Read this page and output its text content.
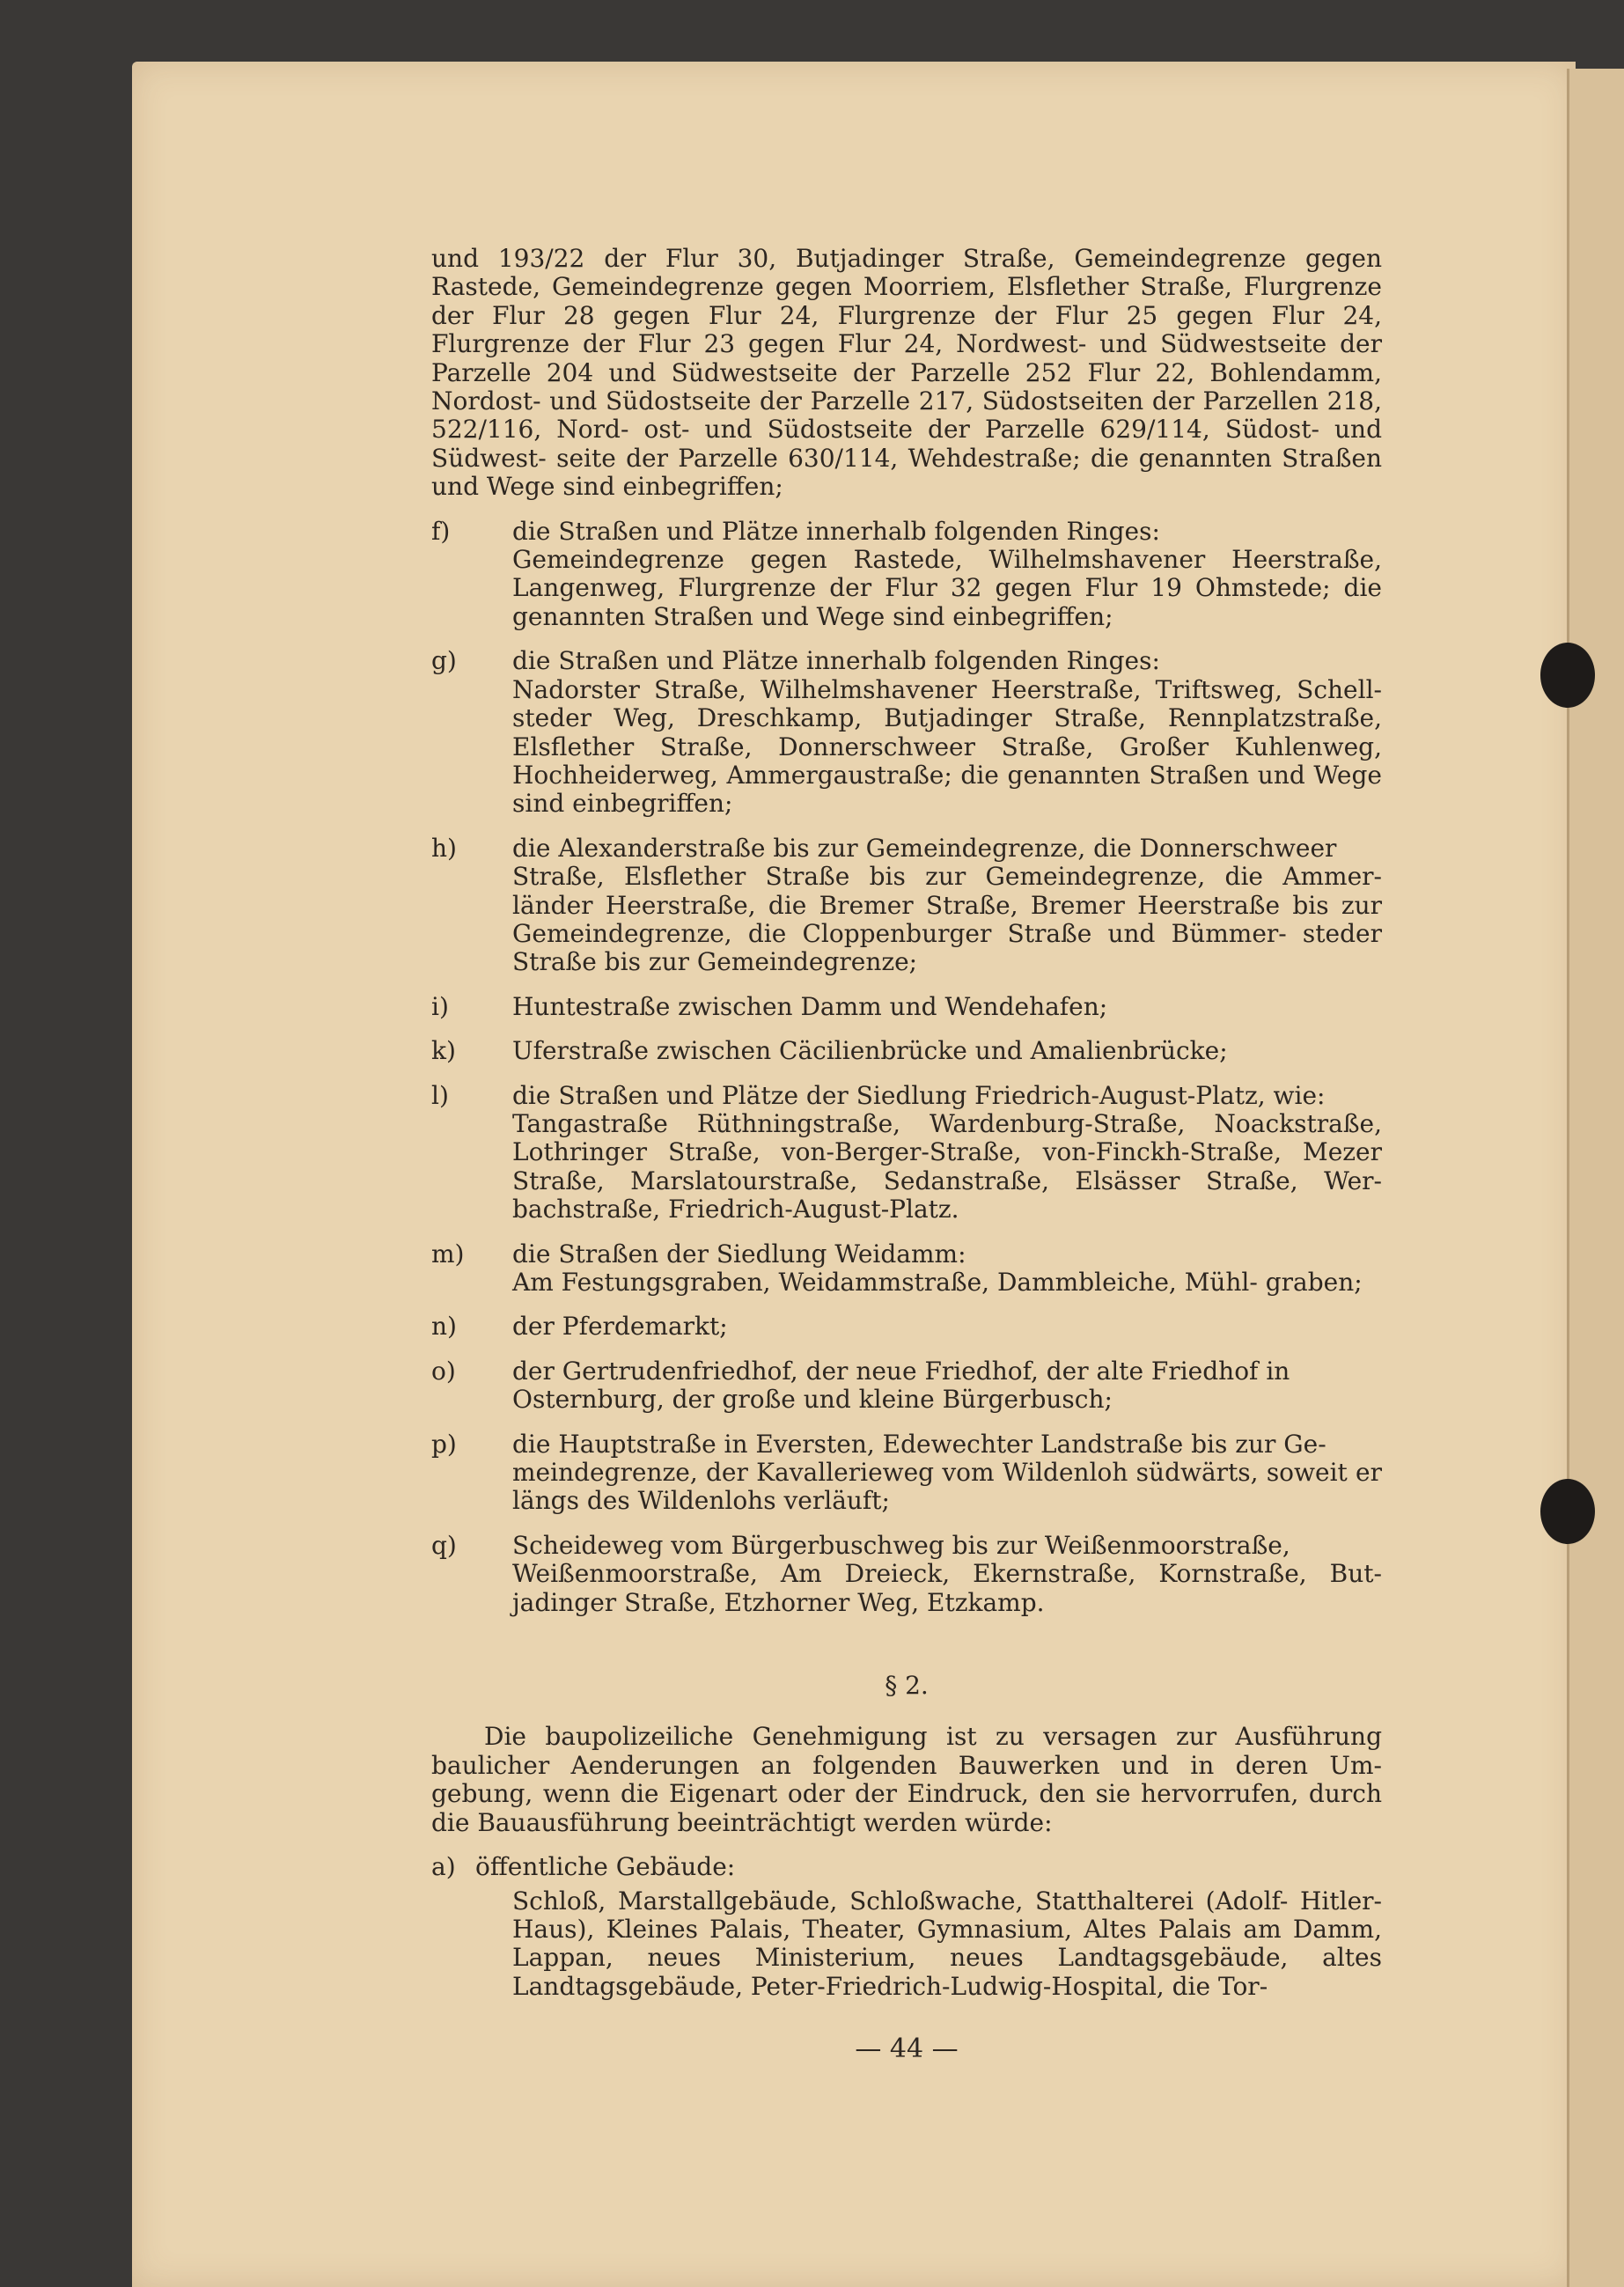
und 193/22 der Flur 30, Butjadinger Straße, Gemeindegrenze gegen Rastede, Gemeindegrenze gegen Moorriem, Elsflether Straße, Flurgrenze der Flur 28 gegen Flur 24, Flurgrenze der Flur 25 gegen Flur 24, Flurgrenze der Flur 23 gegen Flur 24, Nordwest- und Südwestseite der Parzelle 204 und Südwestseite der Parzelle 252 Flur 22, Bohlendamm, Nordost- und Südostseite der Parzelle 217, Südostseiten der Parzellen 218, 522/116, Nord- ost- und Südostseite der Parzelle 629/114, Südost- und Südwest- seite der Parzelle 630/114, Wehdestraße; die genannten Straßen und Wege sind einbegriffen;

f)	die Straßen und Plätze innerhalb folgenden Ringes:
Gemeindegrenze gegen Rastede, Wilhelmshavener Heerstraße, Langenweg, Flurgrenze der Flur 32 gegen Flur 19 Ohmstede; die genannten Straßen und Wege sind einbegriffen;
g) die Straßen und Plätze innerhalb folgenden Ringes:
Nadorster Straße, Wilhelmshavener Heerstraße, Triftsweg, Schell- steder Weg, Dreschkamp, Butjadinger Straße, Rennplatzstraße, Elsflether Straße, Donnerschweer Straße, Großer Kuhlenweg, Hochheiderweg, Ammergaustraße; die genannten Straßen und Wege sind einbegriffen;
h) die Alexanderstraße bis zur Gemeindegrenze, die Donnerschweer
Straße, Elsflether Straße bis zur Gemeindegrenze, die Ammer- länder Heerstraße, die Bremer Straße, Bremer Heerstraße bis zur Gemeindegrenze, die Cloppenburger Straße und Bümmer- steder Straße bis zur Gemeindegrenze;
i)	Huntestraße zwischen Damm und Wendehafen;
k) Uferstraße zwischen Cäcilienbrücke und Amalienbrücke;
l)	die Straßen und Plätze der Siedlung Friedrich-August-Platz, wie:
Tangastraße Rüthningstraße, Wardenburg-Straße, Noackstraße, Lothringer Straße, von-Berger-Straße, von-Finckh-Straße, Mezer Straße, Marslatourstraße, Sedanstraße, Elsässer Straße, Wer- bachstraße, Friedrich-August-Platz.
m) die Straßen der Siedlung Weidamm:
Am Festungsgraben, Weidammstraße, Dammbleiche, Mühl- graben;
n) der Pferdemarkt;
o) der Gertrudenfriedhof, der neue Friedhof, der alte Friedhof in
Osternburg, der große und kleine Bürgerbusch;
p) die Hauptstraße in Eversten, Edewechter Landstraße bis zur Ge-
meindegrenze, der Kavallerieweg vom Wildenloh südwärts, soweit er längs des Wildenlohs verläuft;
q) Scheideweg vom Bürgerbuschweg bis zur Weißenmoorstraße,
Weißenmoorstraße, Am Dreieck, Ekernstraße, Kornstraße, But- jadinger Straße, Etzhorner Weg, Etzkamp.
§ 2.

Die baupolizeiliche Genehmigung ist zu versagen zur Ausführung baulicher Aenderungen an folgenden Bauwerken und in deren Um- gebung, wenn die Eigenart oder der Eindruck, den sie hervorrufen, durch die Bauausführung beeinträchtigt werden würde:

a) öffentliche Gebäude:
Schloß, Marstallgebäude, Schloßwache, Statthalterei (Adolf- Hitler-Haus), Kleines Palais, Theater, Gymnasium, Altes Palais am Damm, Lappan, neues Ministerium, neues Landtagsgebäude, altes Landtagsgebäude, Peter-Friedrich-Ludwig-Hospital, die Tor-
— 44 —
